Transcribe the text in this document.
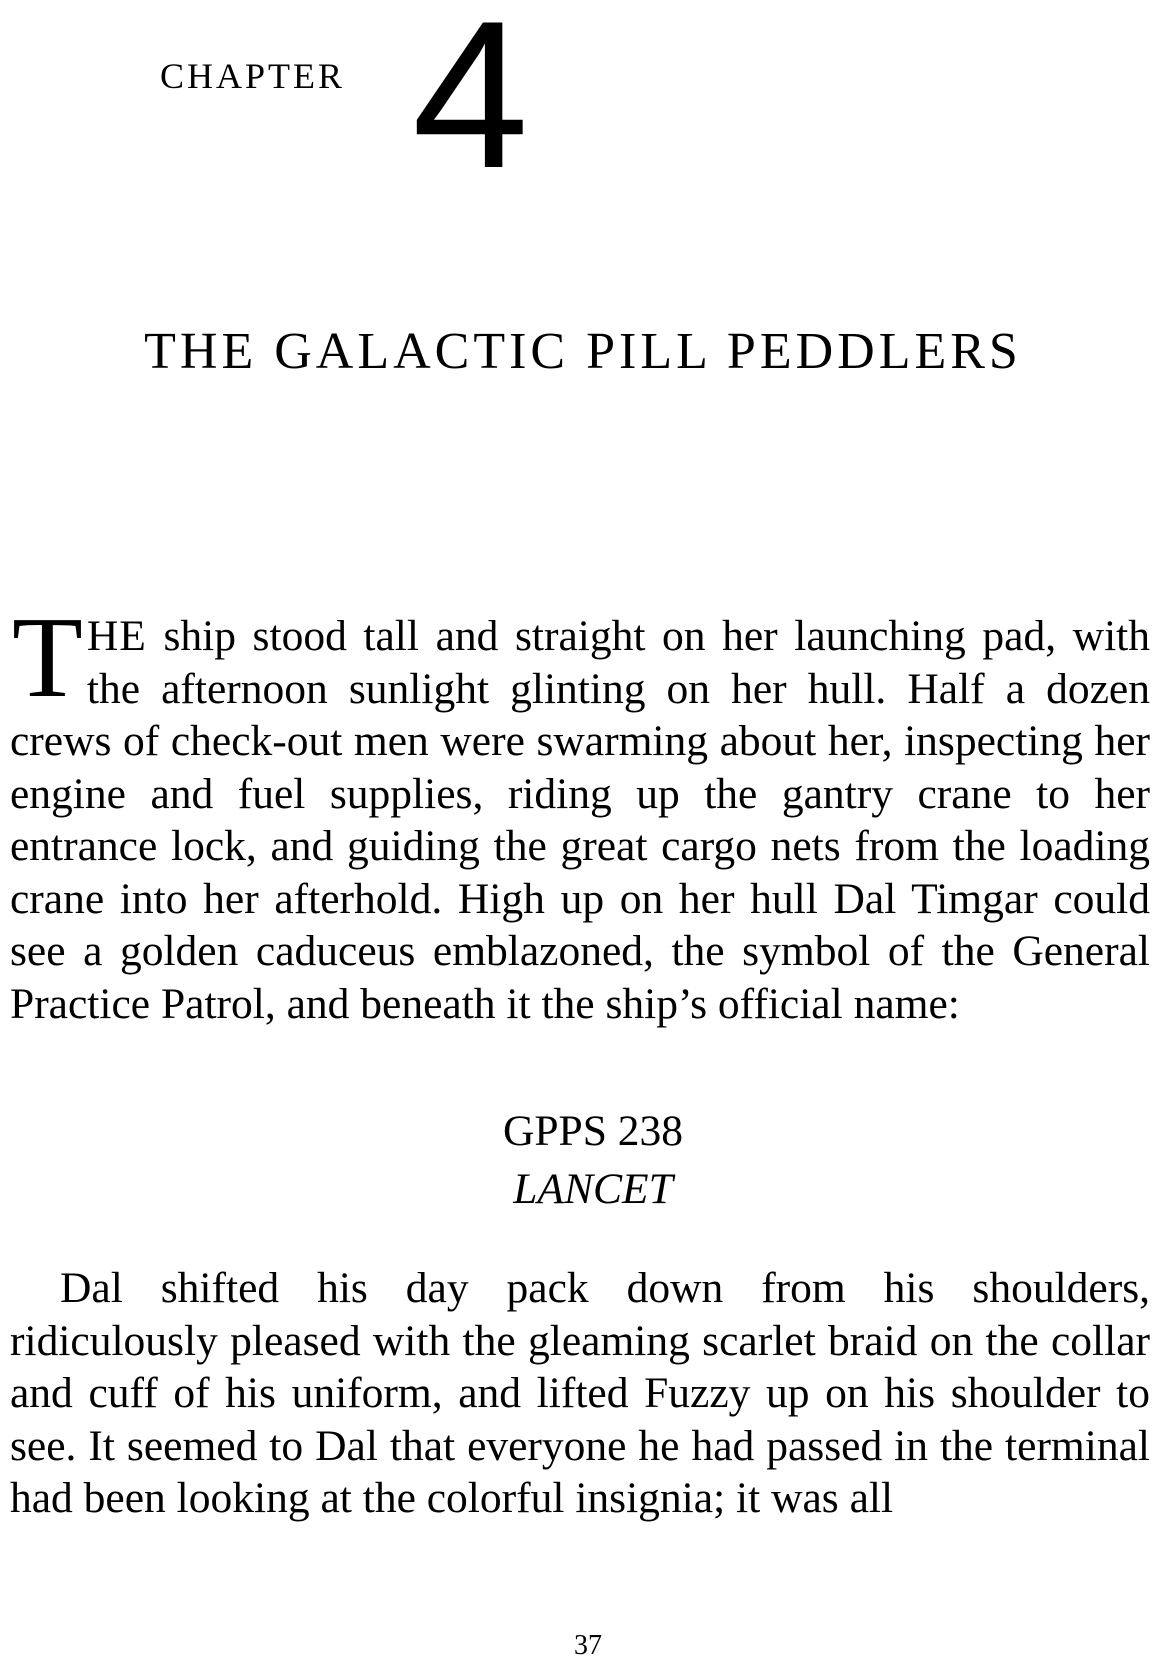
CHAPTER 4
THE GALACTIC PILL PEDDLERS
THE ship stood tall and straight on her launching pad, with the afternoon sunlight glinting on her hull. Half a dozen crews of check-out men were swarming about her, inspecting her engine and fuel supplies, riding up the gantry crane to her entrance lock, and guiding the great cargo nets from the loading crane into her afterhold. High up on her hull Dal Timgar could see a golden caduceus emblazoned, the symbol of the General Practice Patrol, and beneath it the ship’s official name:
GPPS 238
LANCET
Dal shifted his day pack down from his shoulders, ridiculously pleased with the gleaming scarlet braid on the collar and cuff of his uniform, and lifted Fuzzy up on his shoulder to see. It seemed to Dal that everyone he had passed in the terminal had been looking at the colorful insignia; it was all
37
